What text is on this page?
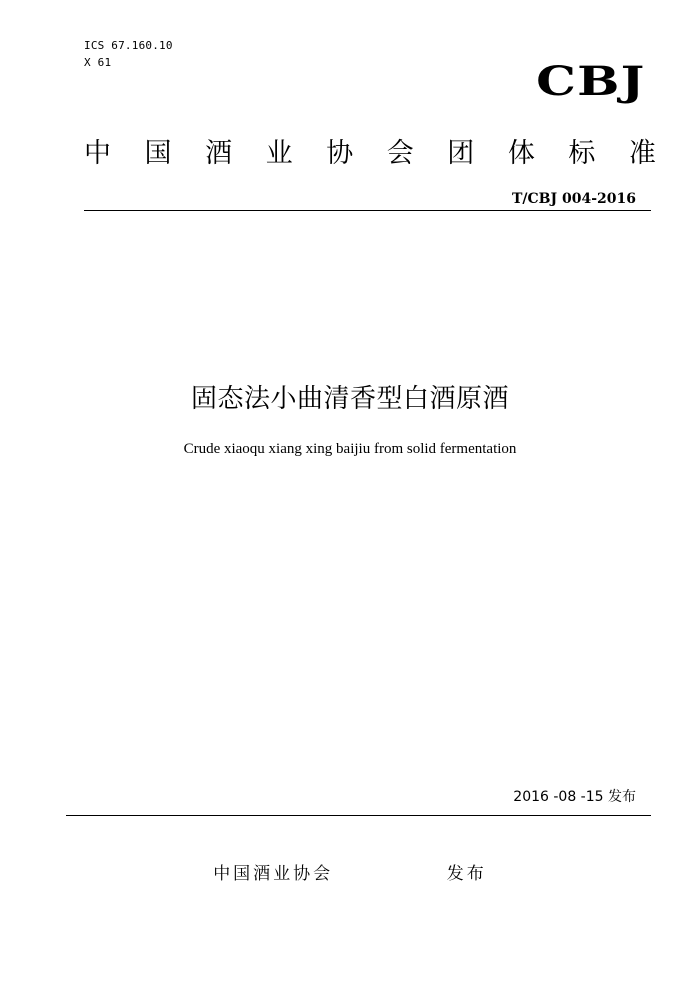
ICS 67.160.10
X 61	CBJ
中 国 酒 业 协 会 团 体 标 准
T/CBJ 004-2016
固态法小曲清香型白酒原酒
Crude xiaoqu xiang xing baijiu from solid fermentation
2016 -08 -15 发布
中国酒业协会    发布
